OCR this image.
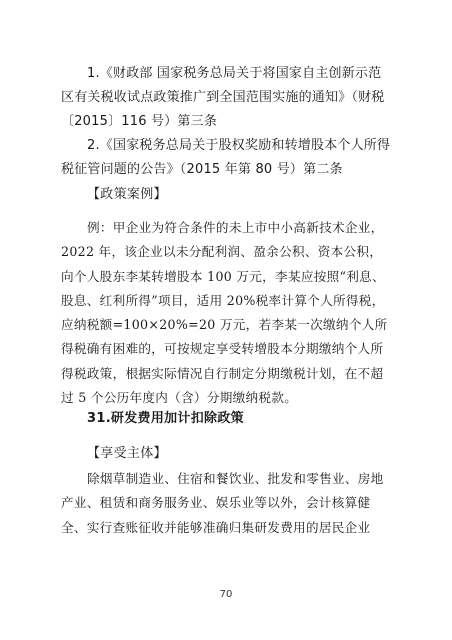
1.《财政部 国家税务总局关于将国家自主创新示范区有关税收试点政策推广到全国范围实施的通知》（财税〔2015〕116 号）第三条
2.《国家税务总局关于股权奖励和转增股本个人所得税征管问题的公告》（2015 年第 80 号）第二条
【政策案例】
例：甲企业为符合条件的未上市中小高新技术企业，2022 年，该企业以未分配利润、盈余公积、资本公积，向个人股东李某转增股本 100 万元，李某应按照“利息、股息、红利所得”项目，适用 20%税率计算个人所得税，应纳税额=100×20%=20 万元，若李某一次缴纳个人所得税确有困难的，可按规定享受转增股本分期缴纳个人所得税政策，根据实际情况自行制定分期缴税计划，在不超过 5 个公历年度内（含）分期缴纳税款。
31.研发费用加计扣除政策
【享受主体】
除烟草制造业、住宿和餐饮业、批发和零售业、房地产业、租赁和商务服务业、娱乐业等以外，会计核算健全、实行查账征收并能够准确归集研发费用的居民企业
70
